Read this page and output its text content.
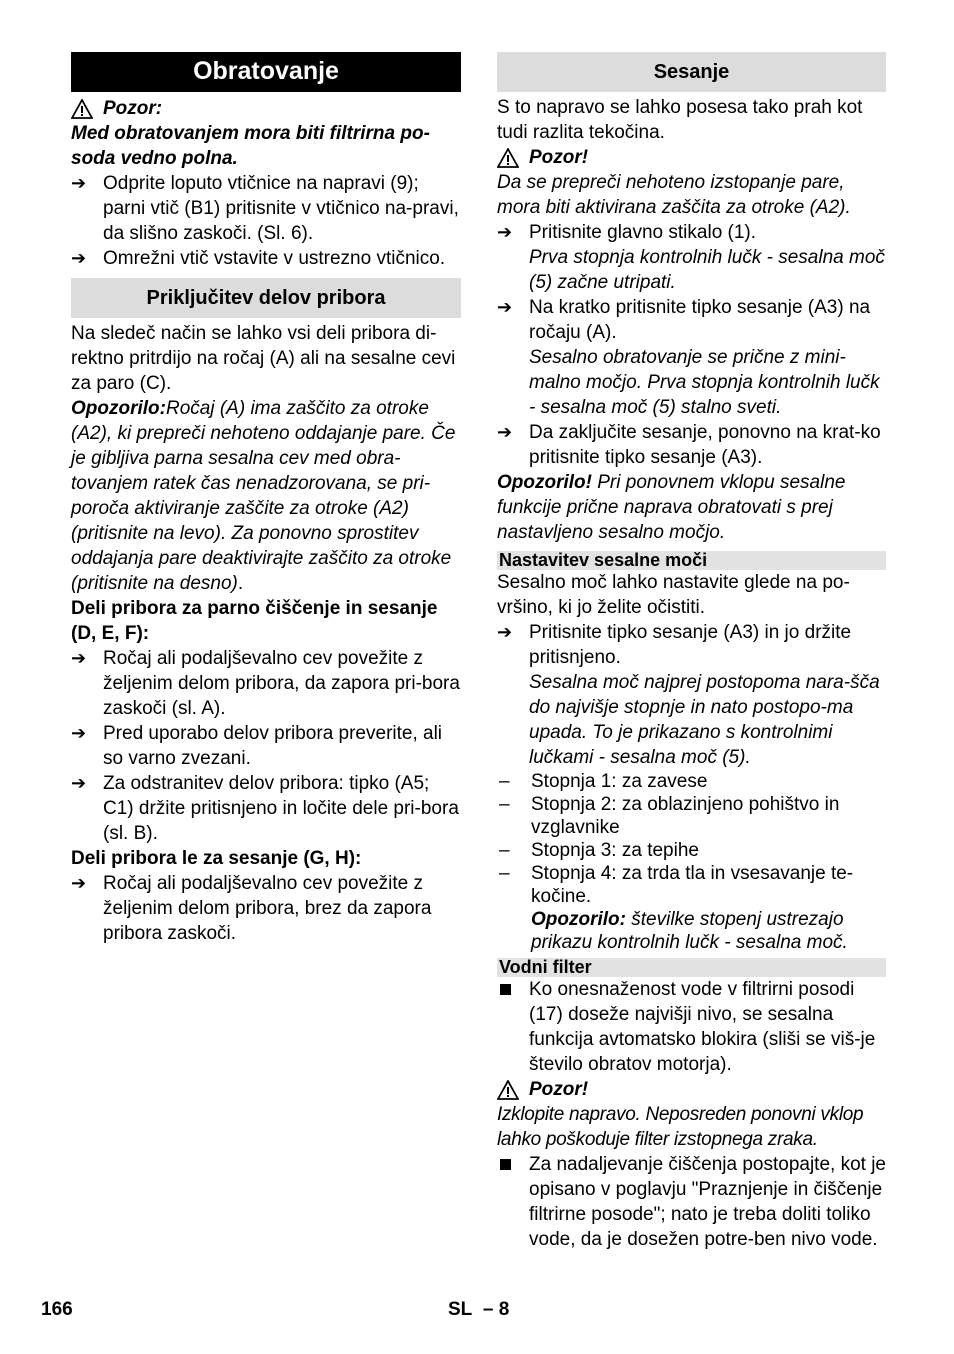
Obratovanje

Pozor:

Med obratovanjem mora biti filtrirna po-soda vedno polna.

➔ Odprite loputo vtičnice na napravi (9); parni vtič (B1) pritisnite v vtičnico na-pravi, da slišno zaskoči. (Sl. 6).
➔ Omrežni vtič vstavite v ustrezno vtičnico.
Priključitev delov pribora

Na sledeč način se lahko vsi deli pribora di-rektno pritrdijo na ročaj (A) ali na sesalne cevi za paro (C).

Opozorilo:Ročaj (A) ima zaščito za otroke (A2), ki prepreči nehoteno oddajanje pare. Če je gibljiva parna sesalna cev med obra-tovanjem ratek čas nenadzorovana, se pri-poroča aktiviranje zaščite za otroke (A2) (pritisnite na levo). Za ponovno sprostitev oddajanja pare deaktivirajte zaščito za otroke (pritisnite na desno).

Deli pribora za parno čiščenje in sesanje (D, E, F):

➔ Ročaj ali podaljševalno cev povežite z željenim delom pribora, da zapora pri-bora zaskoči (sl. A).
➔ Pred uporabo delov pribora preverite, ali so varno zvezani.
➔ Za odstranitev delov pribora: tipko (A5; C1) držite pritisnjeno in ločite dele pri-bora (sl. B).

Deli pribora le za sesanje (G, H):

➔ Ročaj ali podaljševalno cev povežite z željenim delom pribora, brez da zapora pribora zaskoči.
Sesanje

S to napravo se lahko posesa tako prah kot tudi razlita tekočina.

Pozor!

Da se prepreči nehoteno izstopanje pare, mora biti aktivirana zaščita za otroke (A2).

➔ Pritisnite glavno stikalo (1).
Prva stopnja kontrolnih lučk - sesalna moč (5) začne utripati.
➔ Na kratko pritisnite tipko sesanje (A3) na ročaju (A).
Sesalno obratovanje se prične z mini-malno močjo. Prva stopnja kontrolnih lučk - sesalna moč (5) stalno sveti.
➔ Da zaključite sesanje, ponovno na krat-ko pritisnite tipko sesanje (A3).

Opozorilo! Pri ponovnem vklopu sesalne funkcije prične naprava obratovati s prej nastavljeno sesalno močjo.

Nastavitev sesalne moči

Sesalno moč lahko nastavite glede na po-vršino, ki jo želite očistiti.

➔ Pritisnite tipko sesanje (A3) in jo držite pritisnjeno.
Sesalna moč najprej postopoma nara-šča do najvišje stopnje in nato postopo-ma upada. To je prikazano s kontrolnimi lučkami - sesalna moč (5).
–	Stopnja 1: za zavese
–	Stopnja 2: za oblazinjeno pohištvo in vzglavnike
–	Stopnja 3: za tepihe
–	Stopnja 4: za trda tla in vsesavanje te-kočine.
Opozorilo: številke stopenj ustrezajo prikazu kontrolnih lučk - sesalna moč.
Vodni filter
Ko onesnaženost vode v filtrirni posodi (17) doseže najvišji nivo, se sesalna funkcija avtomatsko blokira (sliši se viš-je število obratov motorja).

Pozor!

Izklopite napravo. Neposreden ponovni vklop lahko poškoduje filter izstopnega zraka.

Za nadaljevanje čiščenja postopajte, kot je opisano v poglavju "Praznjenje in čiščenje filtrirne posode"; nato je treba doliti toliko vode, da je dosežen potre-ben nivo vode.
166	SL – 8
